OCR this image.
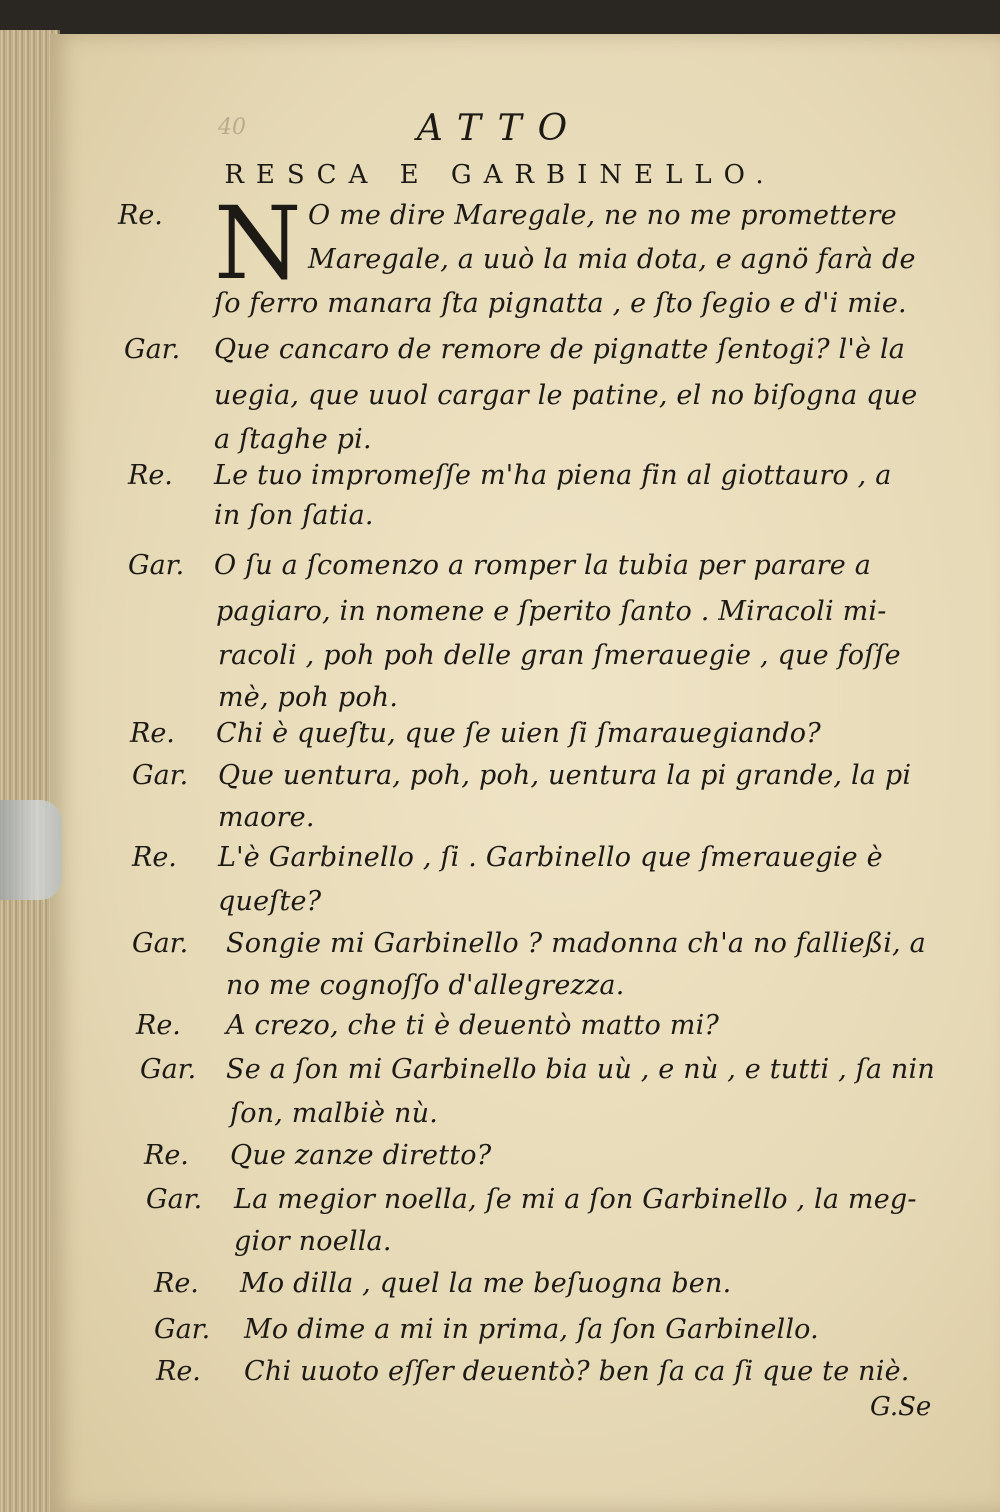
40	ATTO
RESCA E GARBINELLO.
N
Re.	O me dire Maregale, ne no me promettere
Maregale, a uuò la mia dota, e agnö farà de
ſo ferro manara ſta pignatta , e ſto ſegio e d'i mie.
Gar. Que cancaro de remore de pignatte ſentogi? l'è la
uegia, que uuol cargar le patine, el no biſogna que
a ſtaghe pi.
Re. Le tuo impromeſſe m'ha piena fin al giottauro , a
in ſon ſatia.
Gar. O ſu a ſcomenzo a romper la tubia per parare a
pagiaro, in nomene e ſperito ſanto . Miracoli mi-
racoli , poh poh delle gran ſmerauegie , que foſſe
mè, poh poh.
Re. Chi è queſtu, que ſe uien ſi ſmarauegiando?
Gar. Que uentura, poh, poh, uentura la pi grande, la pi
maore.
Re. L'è Garbinello , ſi . Garbinello que ſmerauegie è
queſte?
Gar. Songie mi Garbinello ? madonna ch'a no falließi, a
no me cognoſſo d'allegrezza.
Re. A crezo, che ti è deuentò matto mi?
Gar. Se a ſon mi Garbinello bia uù , e nù , e tutti , ſa nin
ſon, malbiè nù.
Re. Que zanze diretto?
Gar. La megior noella, ſe mi a ſon Garbinello , la meg-
gior noella.
Re. Mo dilla , quel la me beſuogna ben.
Gar. Mo dime a mi in prima, ſa ſon Garbinello.
Re. Chi uuoto eſſer deuentò? ben ſa ca ſi que te niè.
G.Se
